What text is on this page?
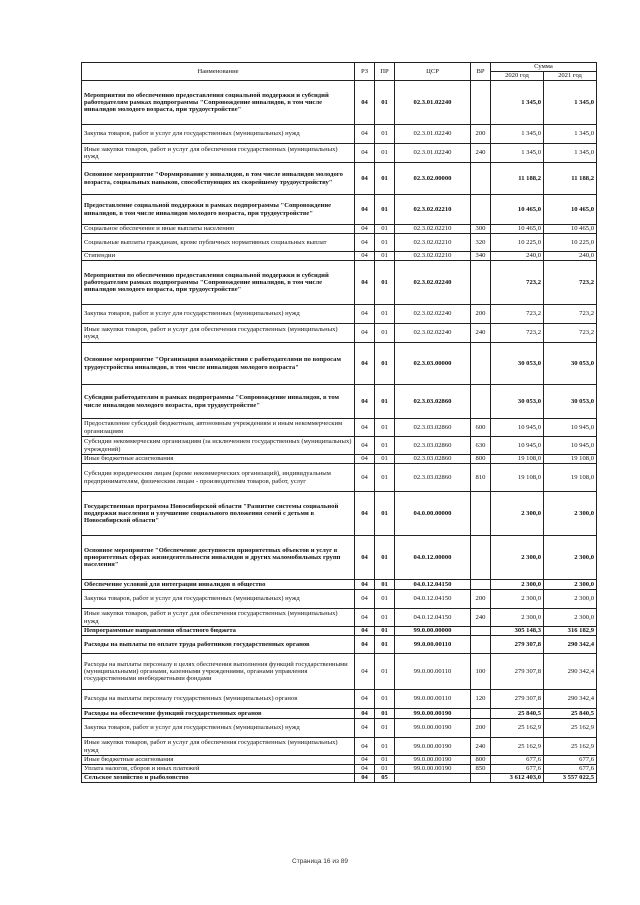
Наименование	РЗ	ПР	ЦСР	ВР	Сумма	
					2020 год	2021 год
Мероприятия по обеспечению предоставления социальной поддержки и субсидий работодателям рамках подпрограммы "Сопровождение инвалидов, в том числе инвалидов молодого возраста, при трудоустройстве"	04	01	02.3.01.02240		1 345,0	1 345,0
Закупка товаров, работ и услуг для государственных (муниципальных) нужд	04	01	02.3.01.02240	200	1 345,0	1 345,0
Иные закупки товаров, работ и услуг для обеспечения государственных (муниципальных) нужд	04	01	02.3.01.02240	240	1 345,0	1 345,0
Основное мероприятие "Формирование у инвалидов, в том числе инвалидов молодого возраста, социальных навыков, способствующих их скорейшему трудоустройству"	04	01	02.3.02.00000		11 188,2	11 188,2
Предоставление социальной поддержки в рамках подпрограммы "Сопровождение инвалидов, в том числе инвалидов молодого возраста, при трудоустройстве"	04	01	02.3.02.02210		10 465,0	10 465,0
Социальное обеспечение и иные выплаты населению	04	01	02.3.02.02210	300	10 465,0	10 465,0
Социальные выплаты гражданам, кроме публичных нормативных социальных выплат	04	01	02.3.02.02210	320	10 225,0	10 225,0
Стипендии	04	01	02.3.02.02210	340	240,0	240,0
Мероприятия по обеспечению предоставления социальной поддержки и субсидий работодателям рамках подпрограммы "Сопровождение инвалидов, в том числе инвалидов молодого возраста, при трудоустройстве"	04	01	02.3.02.02240		723,2	723,2
Закупка товаров, работ и услуг для государственных (муниципальных) нужд	04	01	02.3.02.02240	200	723,2	723,2
Иные закупки товаров, работ и услуг для обеспечения государственных (муниципальных) нужд	04	01	02.3.02.02240	240	723,2	723,2
Основное мероприятие "Организация взаимодействия с работодателями по вопросам трудоустройства инвалидов, в том числе инвалидов молодого возраста"	04	01	02.3.03.00000		30 053,0	30 053,0
Субсидии работодателям в рамках подпрограммы "Сопровождение инвалидов, в том числе инвалидов молодого возраста, при трудоустройстве"	04	01	02.3.03.02860		30 053,0	30 053,0
Предоставление субсидий бюджетным, автономным учреждениям и иным некоммерческим организациям	04	01	02.3.03.02860	600	10 945,0	10 945,0
Субсидии некоммерческим организациям (за исключением государственных (муниципальных) учреждений)	04	01	02.3.03.02860	630	10 945,0	10 945,0
Иные бюджетные ассигнования	04	01	02.3.03.02860	800	19 108,0	19 108,0
Субсидии юридическим лицам (кроме некоммерческих организаций), индивидуальным предпринимателям, физическим лицам - производителям товаров, работ, услуг	04	01	02.3.03.02860	810	19 108,0	19 108,0
Государственная программа Новосибирской области "Развитие системы социальной поддержки населения и улучшение социального положения семей с детьми в Новосибирской области"	04	01	04.0.00.00000		2 300,0	2 300,0
Основное мероприятие "Обеспечение доступности приоритетных объектов и услуг в приоритетных сферах жизнедеятельности инвалидов и других маломобильных групп населения"	04	01	04.0.12.00000		2 300,0	2 300,0
Обеспечение условий для интеграции инвалидов в общество	04	01	04.0.12.04150		2 300,0	2 300,0
Закупка товаров, работ и услуг для государственных (муниципальных) нужд	04	01	04.0.12.04150	200	2 300,0	2 300,0
Иные закупки товаров, работ и услуг для обеспечения государственных (муниципальных) нужд	04	01	04.0.12.04150	240	2 300,0	2 300,0
Непрограммные направления областного бюджета	04	01	99.0.00.00000		305 148,3	316 182,9
Расходы на выплаты по оплате труда работников государственных органов	04	01	99.0.00.00110		279 307,8	290 342,4
Расходы на выплаты персоналу в целях обеспечения выполнения функций государственными (муниципальными) органами, казенными учреждениями, органами управления государственными внебюджетными фондами	04	01	99.0.00.00110	100	279 307,8	290 342,4
Расходы на выплаты персоналу государственных (муниципальных) органов	04	01	99.0.00.00110	120	279 307,8	290 342,4
Расходы на обеспечение функций государственных органов	04	01	99.0.00.00190		25 840,5	25 840,5
Закупка товаров, работ и услуг для государственных (муниципальных) нужд	04	01	99.0.00.00190	200	25 162,9	25 162,9
Иные закупки товаров, работ и услуг для обеспечения государственных (муниципальных) нужд	04	01	99.0.00.00190	240	25 162,9	25 162,9
Иные бюджетные ассигнования	04	01	99.0.00.00190	800	677,6	677,6
Уплата налогов, сборов и иных платежей	04	01	99.0.00.00190	850	677,6	677,6
Сельское хозяйство и рыболовство	04	05			3 612 403,0	3 557 022,5
Страница 16 из 89
